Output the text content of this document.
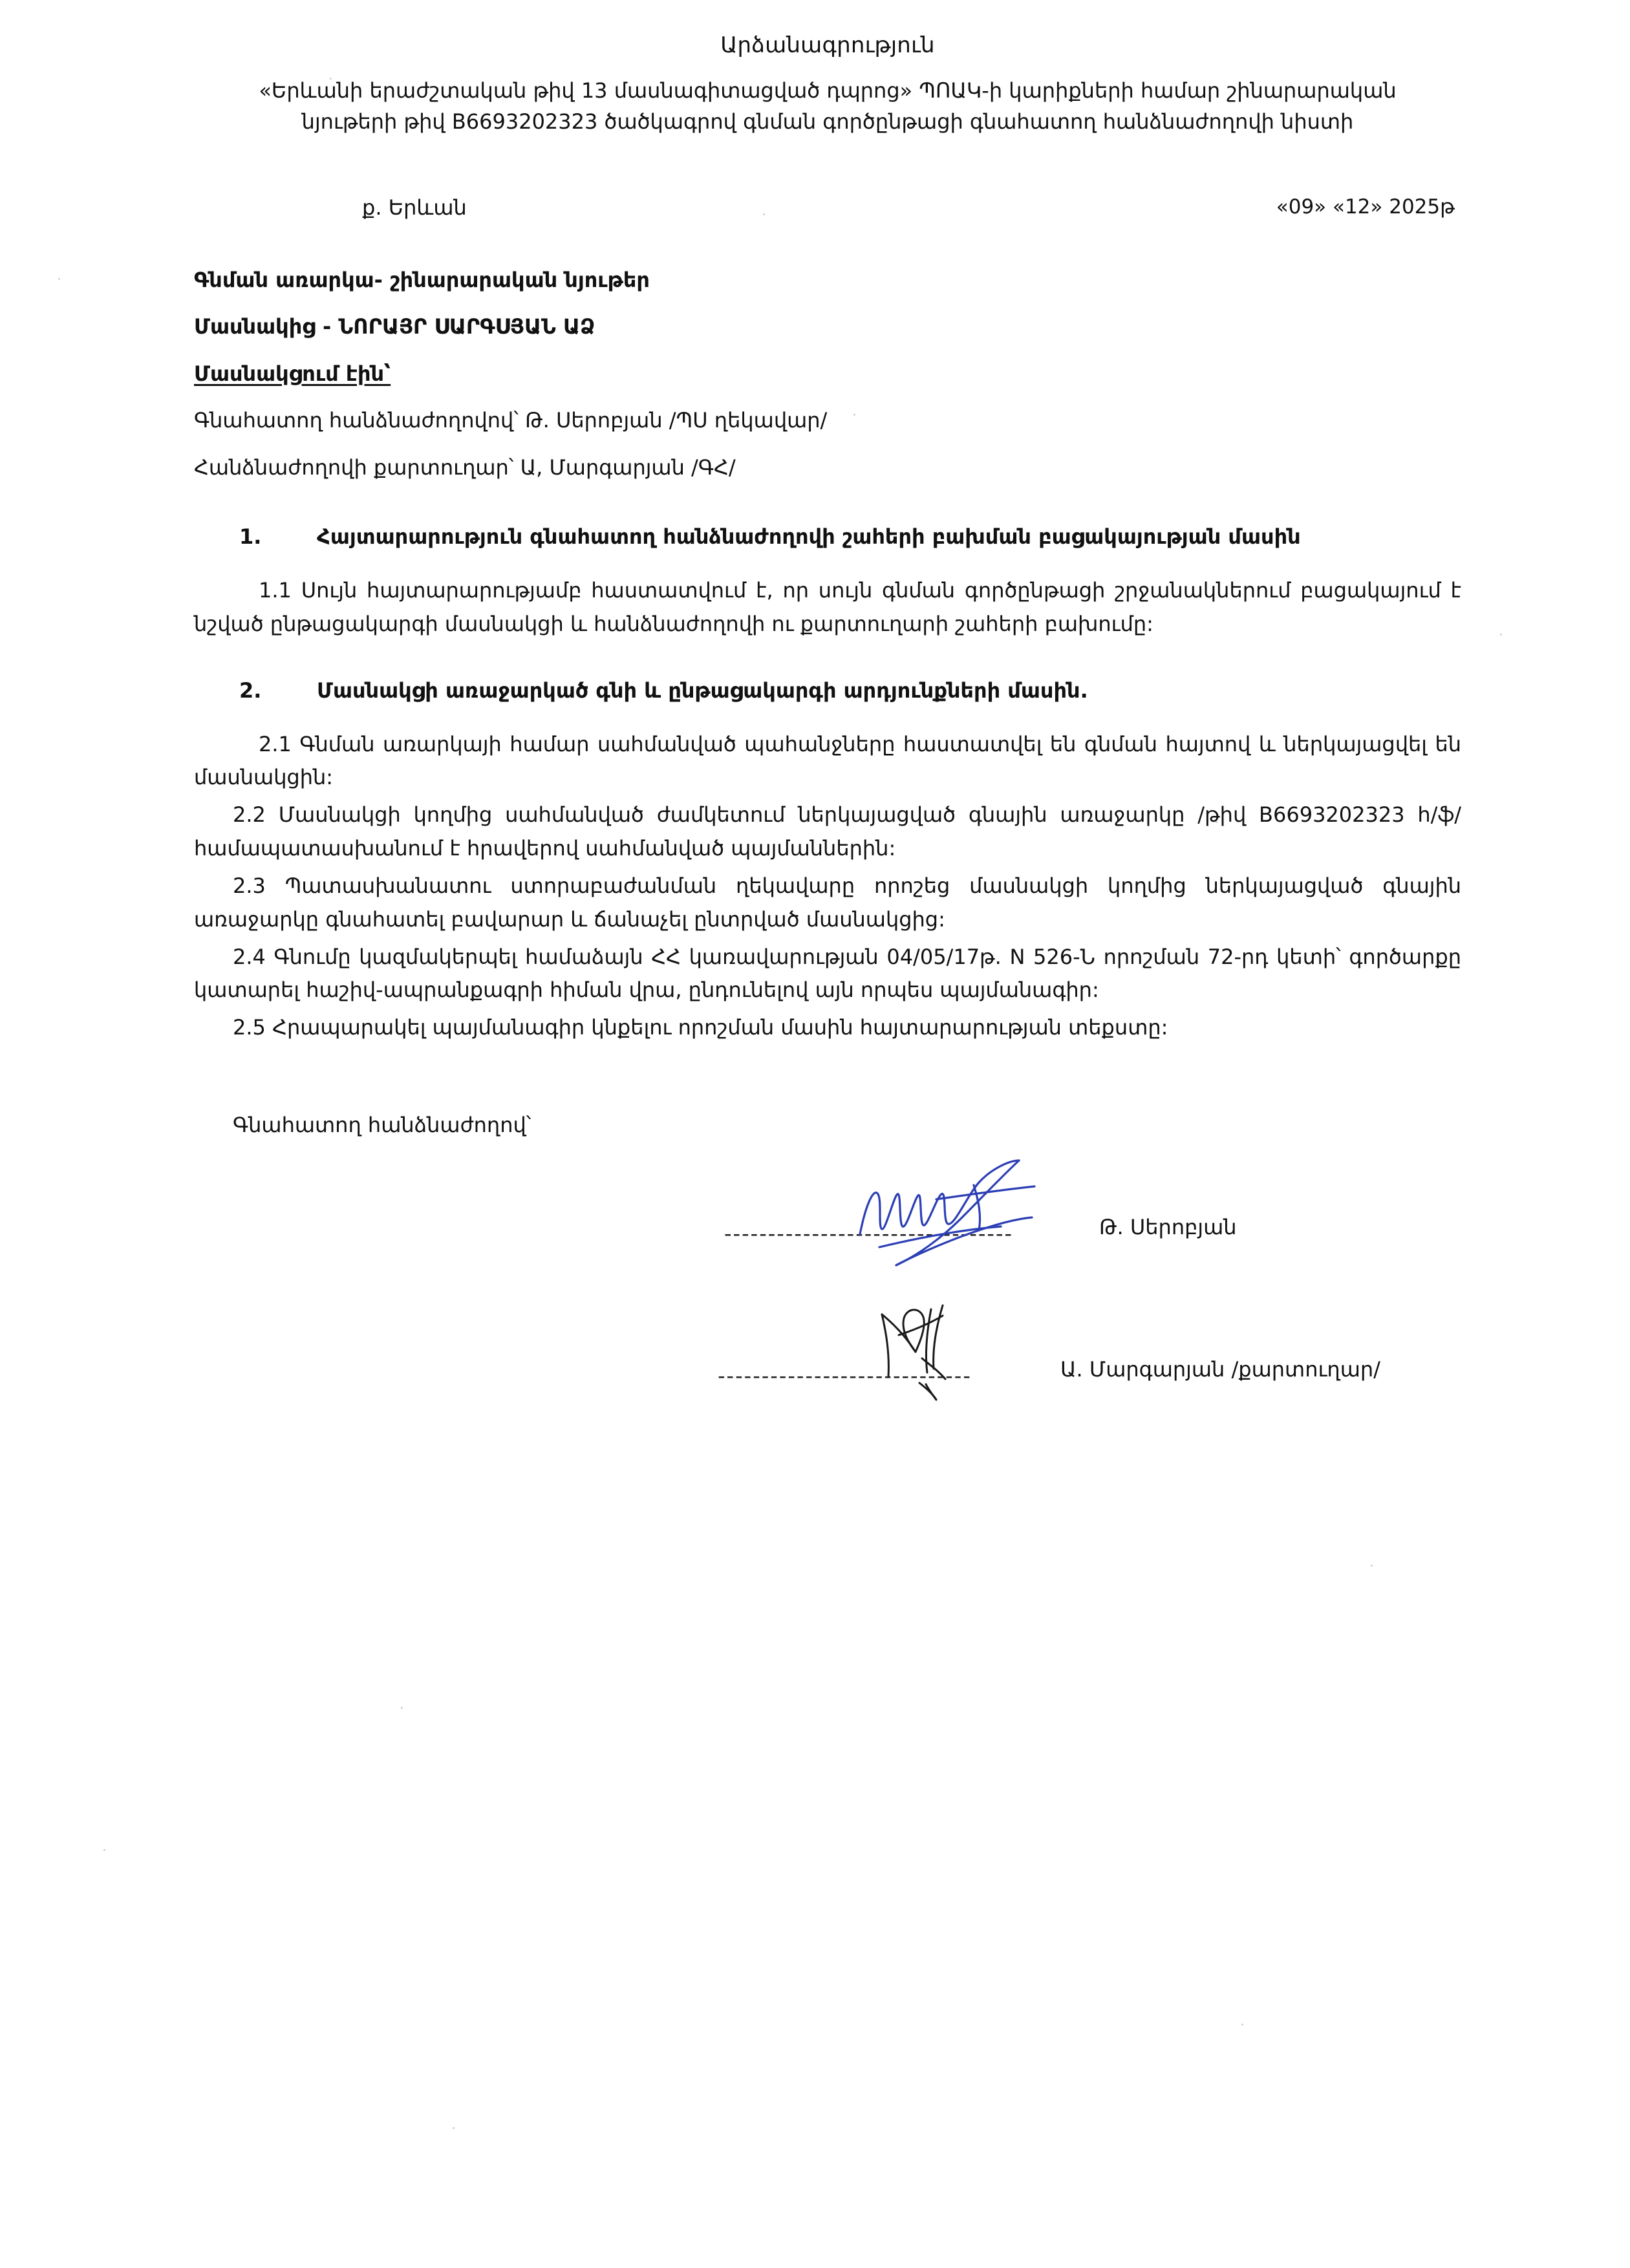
Արձանագրություն
«Երևանի երաժշտական թիվ 13 մասնագիտացված դպրոց» ՊՈԱԿ-ի կարիքների համար շինարարական
նյութերի թիվ B6693202323 ծածկագրով գնման գործընթացի գնահատող հանձնաժողովի նիստի
ք. Երևան	«09» «12» 2025թ
Գնման առարկա- շինարարական նյութեր
Մասնակից - ՆՈՐԱՅՐ ՍԱՐԳՍՅԱՆ ԱՁ
Մասնակցում էին՝
Գնահատող հանձնաժողովով՝ Թ. Սերոբյան /ՊՍ ղեկավար/
Հանձնաժողովի քարտուղար՝ Ա, Մարգարյան /ԳՀ/
1.	Հայտարարություն գնահատող հանձնաժողովի շահերի բախման բացակայության մասին
1.1 Սույն հայտարարությամբ հաստատվում է, որ սույն գնման գործընթացի շրջանակներում բացակայում է նշված ընթացակարգի մասնակցի և հանձնաժողովի ու քարտուղարի շահերի բախումը:
2.	Մասնակցի առաջարկած գնի և ընթացակարգի արդյունքների մասին.
2.1 Գնման առարկայի համար սահմանված պահանջները հաստատվել են գնման հայտով և ներկայացվել են մասնակցին:
2.2 Մասնակցի կողմից սահմանված ժամկետում ներկայացված գնային առաջարկը /թիվ B6693202323 հ/ֆ/ համապատասխանում է հրավերով սահմանված պայմաններին:
2.3 Պատասխանատու ստորաբաժանման ղեկավարը որոշեց մասնակցի կողմից ներկայացված գնային առաջարկը գնահատել բավարար և ճանաչել ընտրված մասնակցից:
2.4 Գնումը կազմակերպել համաձայն ՀՀ կառավարության 04/05/17թ. N 526-Ն որոշման 72-րդ կետի՝ գործարքը կատարել հաշիվ-ապրանքագրի հիման վրա, ընդունելով այն որպես պայմանագիր:
2.5 Հրապարակել պայմանագիր կնքելու որոշման մասին հայտարարության տեքստը:
Գնահատող հանձնաժողով՝
---------------------------------	Թ. Սերոբյան
-----------------------------	Ա. Մարգարյան /քարտուղար/
